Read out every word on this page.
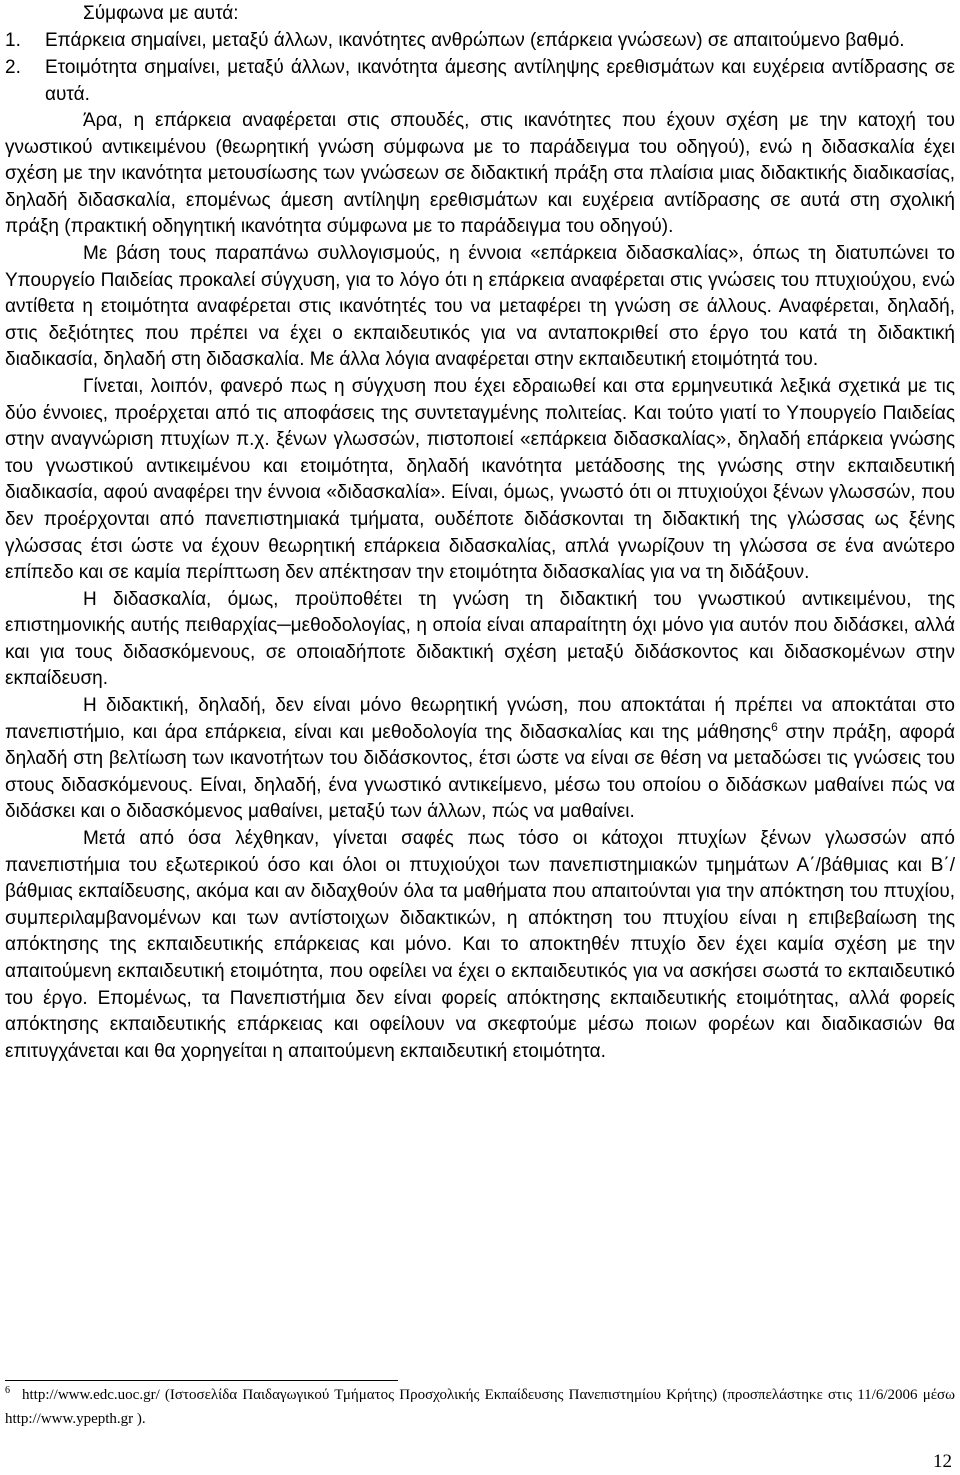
Σύμφωνα με αυτά:

1. Επάρκεια σημαίνει, μεταξύ άλλων, ικανότητες ανθρώπων (επάρκεια γνώσεων) σε απαιτούμενο βαθμό.
2. Ετοιμότητα σημαίνει, μεταξύ άλλων, ικανότητα άμεσης αντίληψης ερεθισμάτων και ευχέρεια αντίδρασης σε αυτά.

Άρα, η επάρκεια αναφέρεται στις σπουδές, στις ικανότητες που έχουν σχέση με την κατοχή του γνωστικού αντικειμένου (θεωρητική γνώση σύμφωνα με το παράδειγμα του οδηγού), ενώ η διδασκαλία έχει σχέση με την ικανότητα μετουσίωσης των γνώσεων σε διδακτική πράξη στα πλαίσια μιας διδακτικής διαδικασίας, δηλαδή διδασκαλία, επομένως άμεση αντίληψη ερεθισμάτων και ευχέρεια αντίδρασης σε αυτά στη σχολική πράξη (πρακτική οδηγητική ικανότητα σύμφωνα με το παράδειγμα του οδηγού).

Με βάση τους παραπάνω συλλογισμούς, η έννοια «επάρκεια διδασκαλίας», όπως τη διατυπώνει το Υπουργείο Παιδείας προκαλεί σύγχυση, για το λόγο ότι η επάρκεια αναφέρεται στις γνώσεις του πτυχιούχου, ενώ αντίθετα η ετοιμότητα αναφέρεται στις ικανότητές του να μεταφέρει τη γνώση σε άλλους. Αναφέρεται, δηλαδή, στις δεξιότητες που πρέπει να έχει ο εκπαιδευτικός για να ανταποκριθεί στο έργο του κατά τη διδακτική διαδικασία, δηλαδή στη διδασκαλία. Με άλλα λόγια αναφέρεται στην εκπαιδευτική ετοιμότητά του.

Γίνεται, λοιπόν, φανερό πως η σύγχυση που έχει εδραιωθεί και στα ερμηνευτικά λεξικά σχετικά με τις δύο έννοιες, προέρχεται από τις αποφάσεις της συντεταγμένης πολιτείας. Και τούτο γιατί το Υπουργείο Παιδείας στην αναγνώριση πτυχίων π.χ. ξένων γλωσσών, πιστοποιεί «επάρκεια διδασκαλίας», δηλαδή επάρκεια γνώσης του γνωστικού αντικειμένου και ετοιμότητα, δηλαδή ικανότητα μετάδοσης της γνώσης στην εκπαιδευτική διαδικασία, αφού αναφέρει την έννοια «διδασκαλία». Είναι, όμως, γνωστό ότι οι πτυχιούχοι ξένων γλωσσών, που δεν προέρχονται από πανεπιστημιακά τμήματα, ουδέποτε διδάσκονται τη διδακτική της γλώσσας ως ξένης γλώσσας έτσι ώστε να έχουν θεωρητική επάρκεια διδασκαλίας, απλά γνωρίζουν τη γλώσσα σε ένα ανώτερο επίπεδο και σε καμία περίπτωση δεν απέκτησαν την ετοιμότητα διδασκαλίας για να τη διδάξουν.

Η διδασκαλία, όμως, προϋποθέτει τη γνώση τη διδακτική του γνωστικού αντικειμένου, της επιστημονικής αυτής πειθαρχίας─μεθοδολογίας, η οποία είναι απαραίτητη όχι μόνο για αυτόν που διδάσκει, αλλά και για τους διδασκόμενους, σε οποιαδήποτε διδακτική σχέση μεταξύ διδάσκοντος και διδασκομένων στην εκπαίδευση.

Η διδακτική, δηλαδή, δεν είναι μόνο θεωρητική γνώση, που αποκτάται ή πρέπει να αποκτάται στο πανεπιστήμιο, και άρα επάρκεια, είναι και μεθοδολογία της διδασκαλίας και της μάθησης$^6$ στην πράξη, αφορά δηλαδή στη βελτίωση των ικανοτήτων του διδάσκοντος, έτσι ώστε να είναι σε θέση να μεταδώσει τις γνώσεις του στους διδασκόμενους. Είναι, δηλαδή, ένα γνωστικό αντικείμενο, μέσω του οποίου ο διδάσκων μαθαίνει πώς να διδάσκει και ο διδασκόμενος μαθαίνει, μεταξύ των άλλων, πώς να μαθαίνει.

Μετά από όσα λέχθηκαν, γίνεται σαφές πως τόσο οι κάτοχοι πτυχίων ξένων γλωσσών από πανεπιστήμια του εξωτερικού όσο και όλοι οι πτυχιούχοι των πανεπιστημιακών τμημάτων Α΄/βάθμιας και Β΄/βάθμιας εκπαίδευσης, ακόμα και αν διδαχθούν όλα τα μαθήματα που απαιτούνται για την απόκτηση του πτυχίου, συμπεριλαμβανομένων και των αντίστοιχων διδακτικών, η απόκτηση του πτυχίου είναι η επιβεβαίωση της απόκτησης της εκπαιδευτικής επάρκειας και μόνο. Και το αποκτηθέν πτυχίο δεν έχει καμία σχέση με την απαιτούμενη εκπαιδευτική ετοιμότητα, που οφείλει να έχει ο εκπαιδευτικός για να ασκήσει σωστά το εκπαιδευτικό του έργο. Επομένως, τα Πανεπιστήμια δεν είναι φορείς απόκτησης εκπαιδευτικής ετοιμότητας, αλλά φορείς απόκτησης εκπαιδευτικής επάρκειας και οφείλουν να σκεφτούμε μέσω ποιων φορέων και διαδικασιών θα επιτυγχάνεται και θα χορηγείται η απαιτούμενη εκπαιδευτική ετοιμότητα.

$^6$ http://www.edc.uoc.gr/ (Ιστοσελίδα Παιδαγωγικού Τμήματος Προσχολικής Εκπαίδευσης Πανεπιστημίου Κρήτης) (προσπελάστηκε στις 11/6/2006 μέσω http://www.ypepth.gr ).
12
